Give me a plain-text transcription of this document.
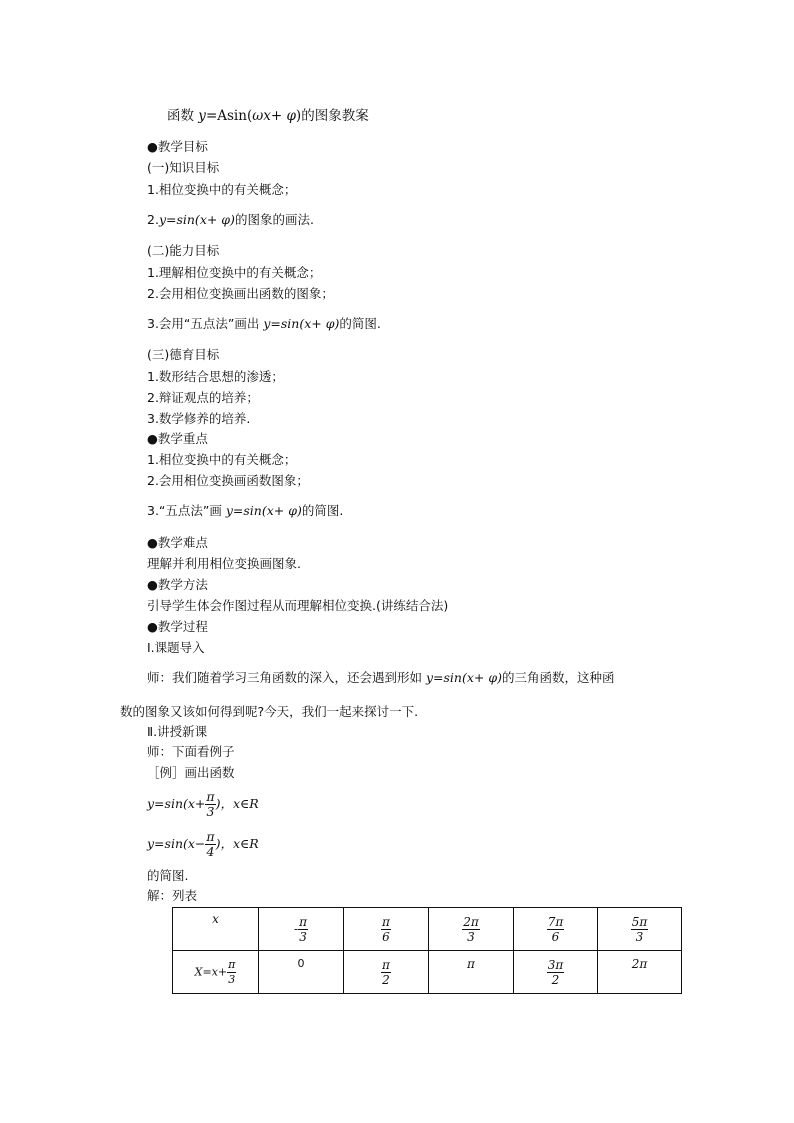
函数 y=Asin(ωx+ φ)的图象教案
●教学目标
(一)知识目标
1.相位变换中的有关概念；
2.y=sin(x+ φ)的图象的画法.
(二)能力目标
1.理解相位变换中的有关概念；
2.会用相位变换画出函数的图象；
3.会用“五点法”画出 y=sin(x+ φ)的简图.
(三)德育目标
1.数形结合思想的渗透；
2.辩证观点的培养；
3.数学修养的培养.
●教学重点
1.相位变换中的有关概念；
2.会用相位变换画函数图象；
3.“五点法”画 y=sin(x+ φ)的简图.
●教学难点
理解并利用相位变换画图象.
●教学方法
引导学生体会作图过程从而理解相位变换.(讲练结合法)
●教学过程
Ⅰ.课题导入
师：我们随着学习三角函数的深入，还会遇到形如 y=sin(x+ φ)的三角函数，这种函
数的图象又该如何得到呢?今天，我们一起来探讨一下.
Ⅱ.讲授新课
师：下面看例子
［例］画出函数
$y=\sin(x+ \frac{\pi}{3}$ )，x∈R
$y=\sin(x- \frac{\pi}{4}$ )，x∈R
的简图.
解：列表
x	- $\frac{\pi}{3}$	$\frac{\pi}{6}$	$\frac{2\pi}{3}$	$\frac{7\pi}{6}$	$\frac{5\pi}{3}$

$X=x+ \frac{\pi}{3}$	0	$\frac{\pi}{2}$	π	$\frac{3\pi}{2}$	2π
